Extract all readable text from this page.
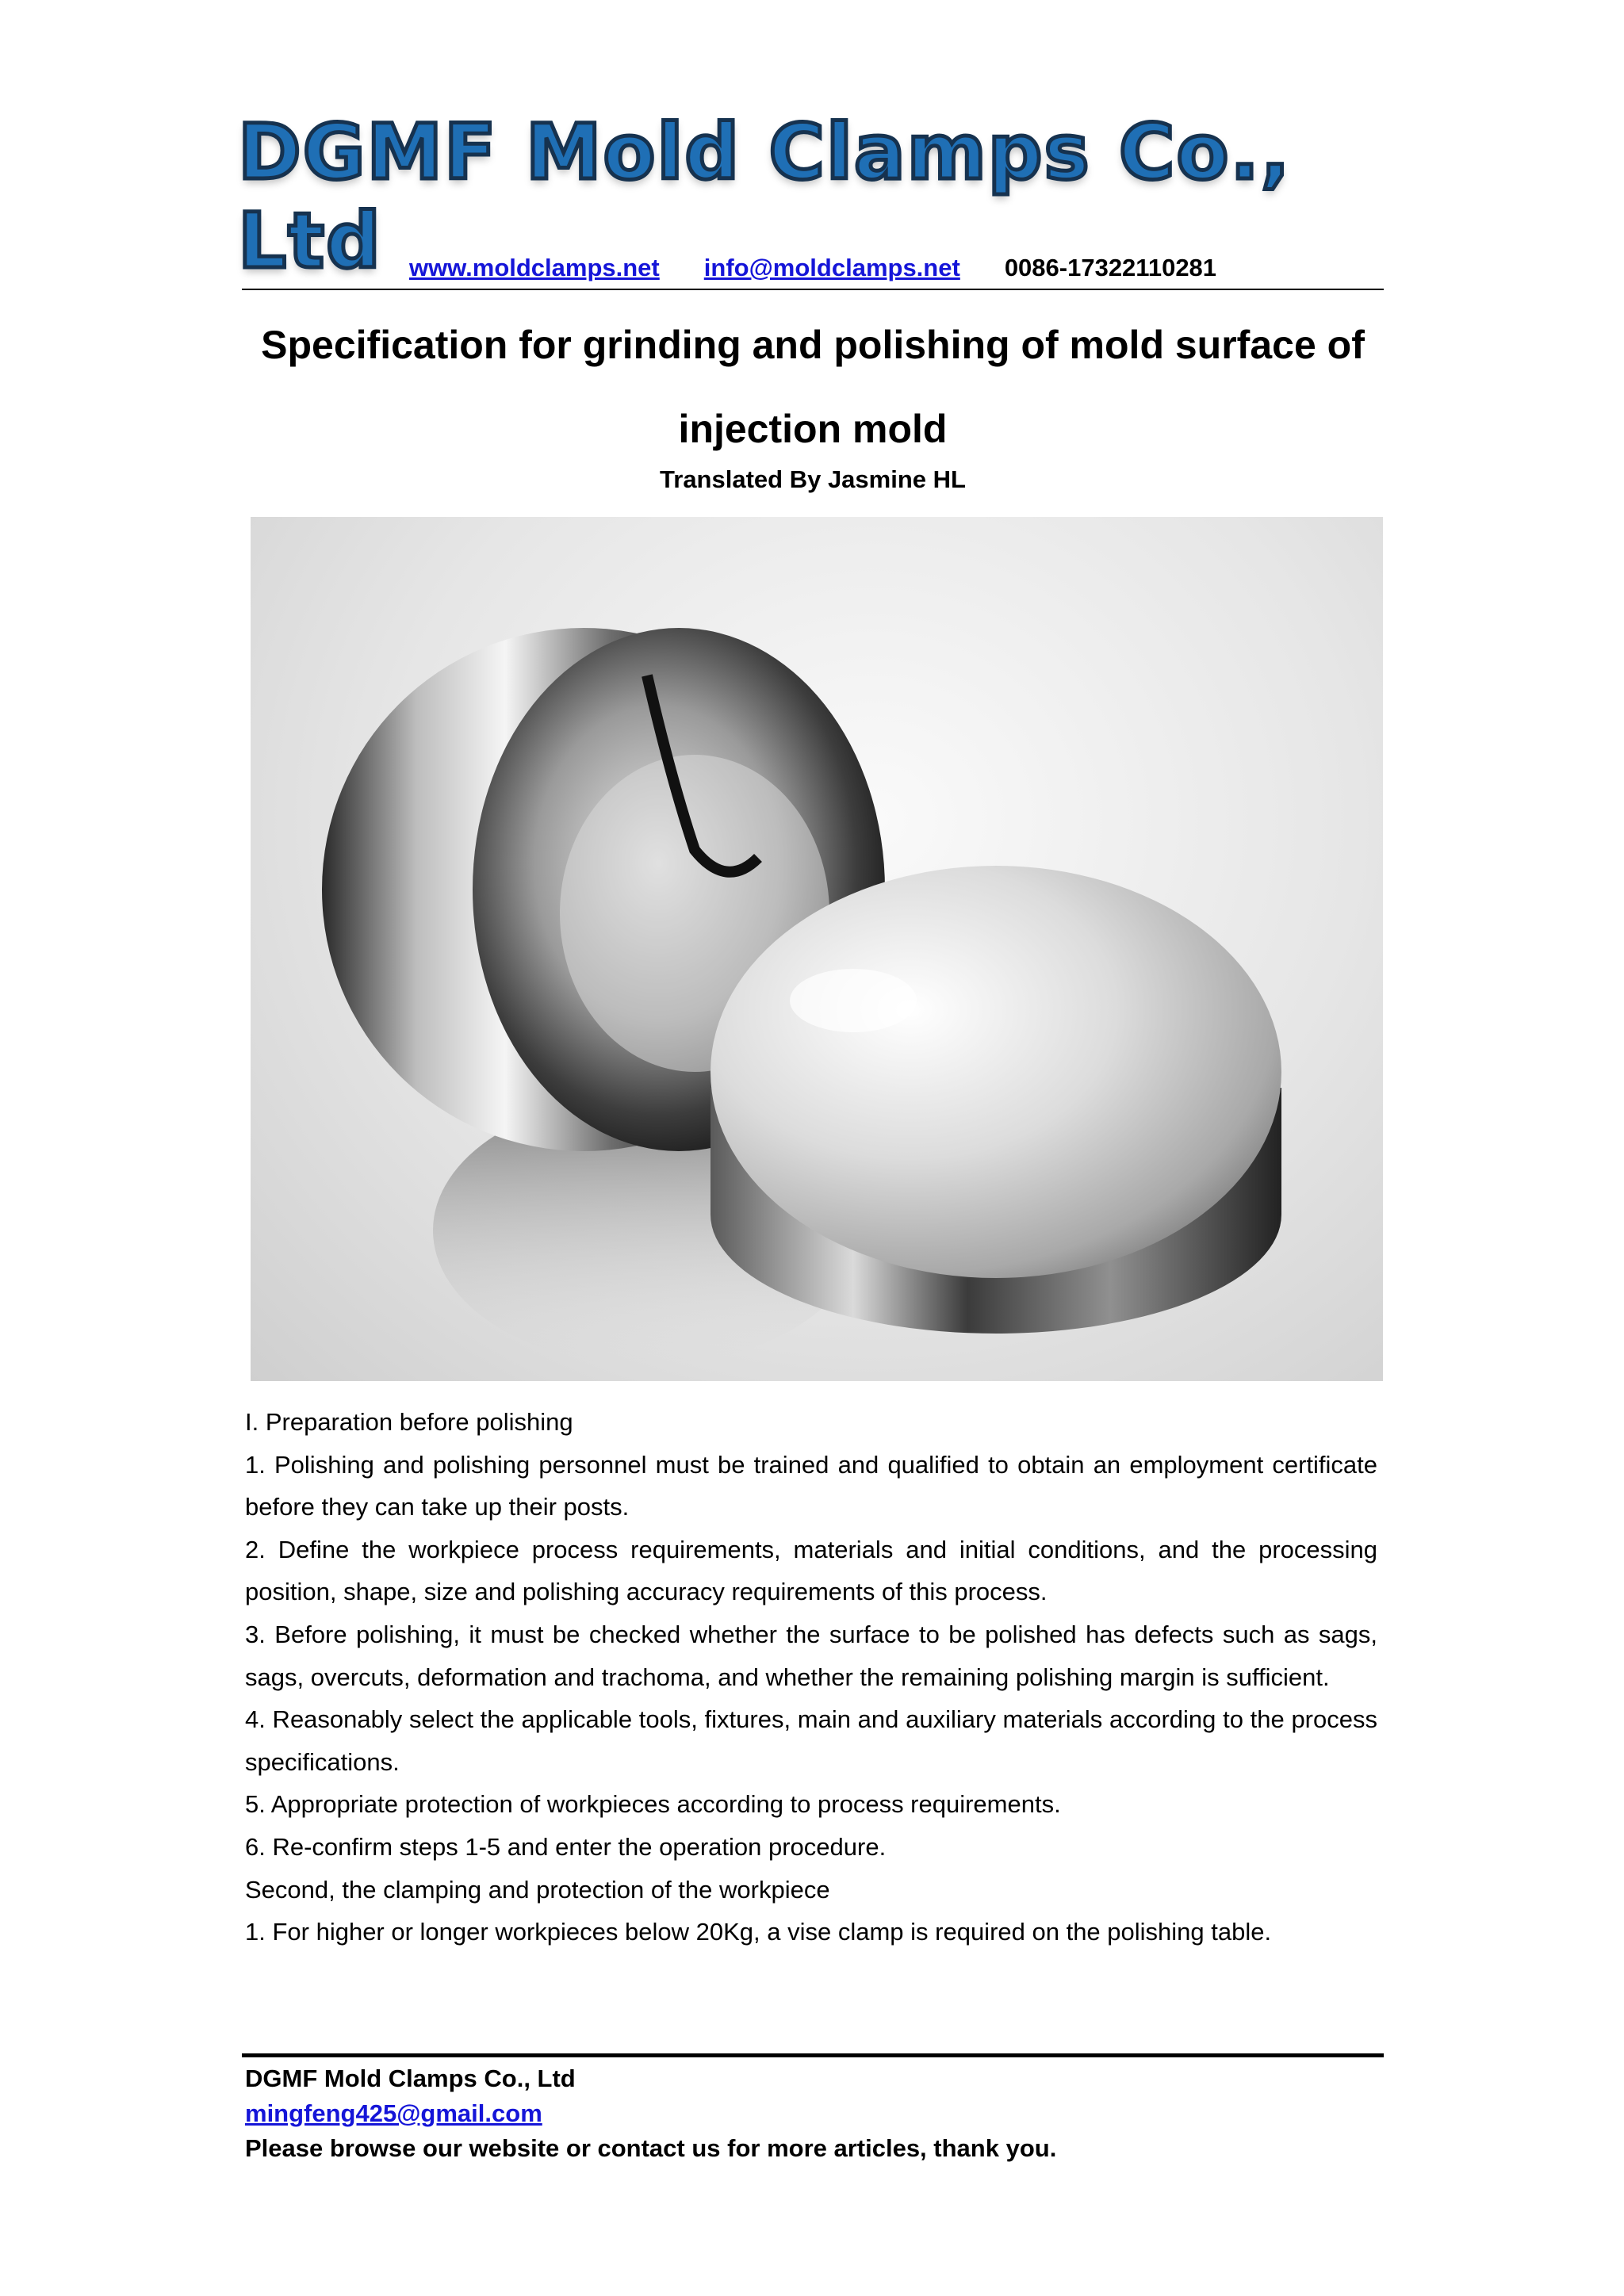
DGMF Mold Clamps Co., Ltd	www.moldclamps.net info@moldclamps.net 0086-17322110281
Specification for grinding and polishing of mold surface of
injection mold
Translated By Jasmine HL

I. Preparation before polishing

1. Polishing and polishing personnel must be trained and qualified to obtain an employment certificate before they can take up their posts.

2. Define the workpiece process requirements, materials and initial conditions, and the processing position, shape, size and polishing accuracy requirements of this process.

3. Before polishing, it must be checked whether the surface to be polished has defects such as sags, sags, overcuts, deformation and trachoma, and whether the remaining polishing margin is sufficient.

4. Reasonably select the applicable tools, fixtures, main and auxiliary materials according to the process specifications.

5. Appropriate protection of workpieces according to process requirements.

6. Re-confirm steps 1-5 and enter the operation procedure.

Second, the clamping and protection of the workpiece

1. For higher or longer workpieces below 20Kg, a vise clamp is required on the polishing table.

DGMF Mold Clamps Co., Ltd
mingfeng425@gmail.com
Please browse our website or contact us for more articles, thank you.
